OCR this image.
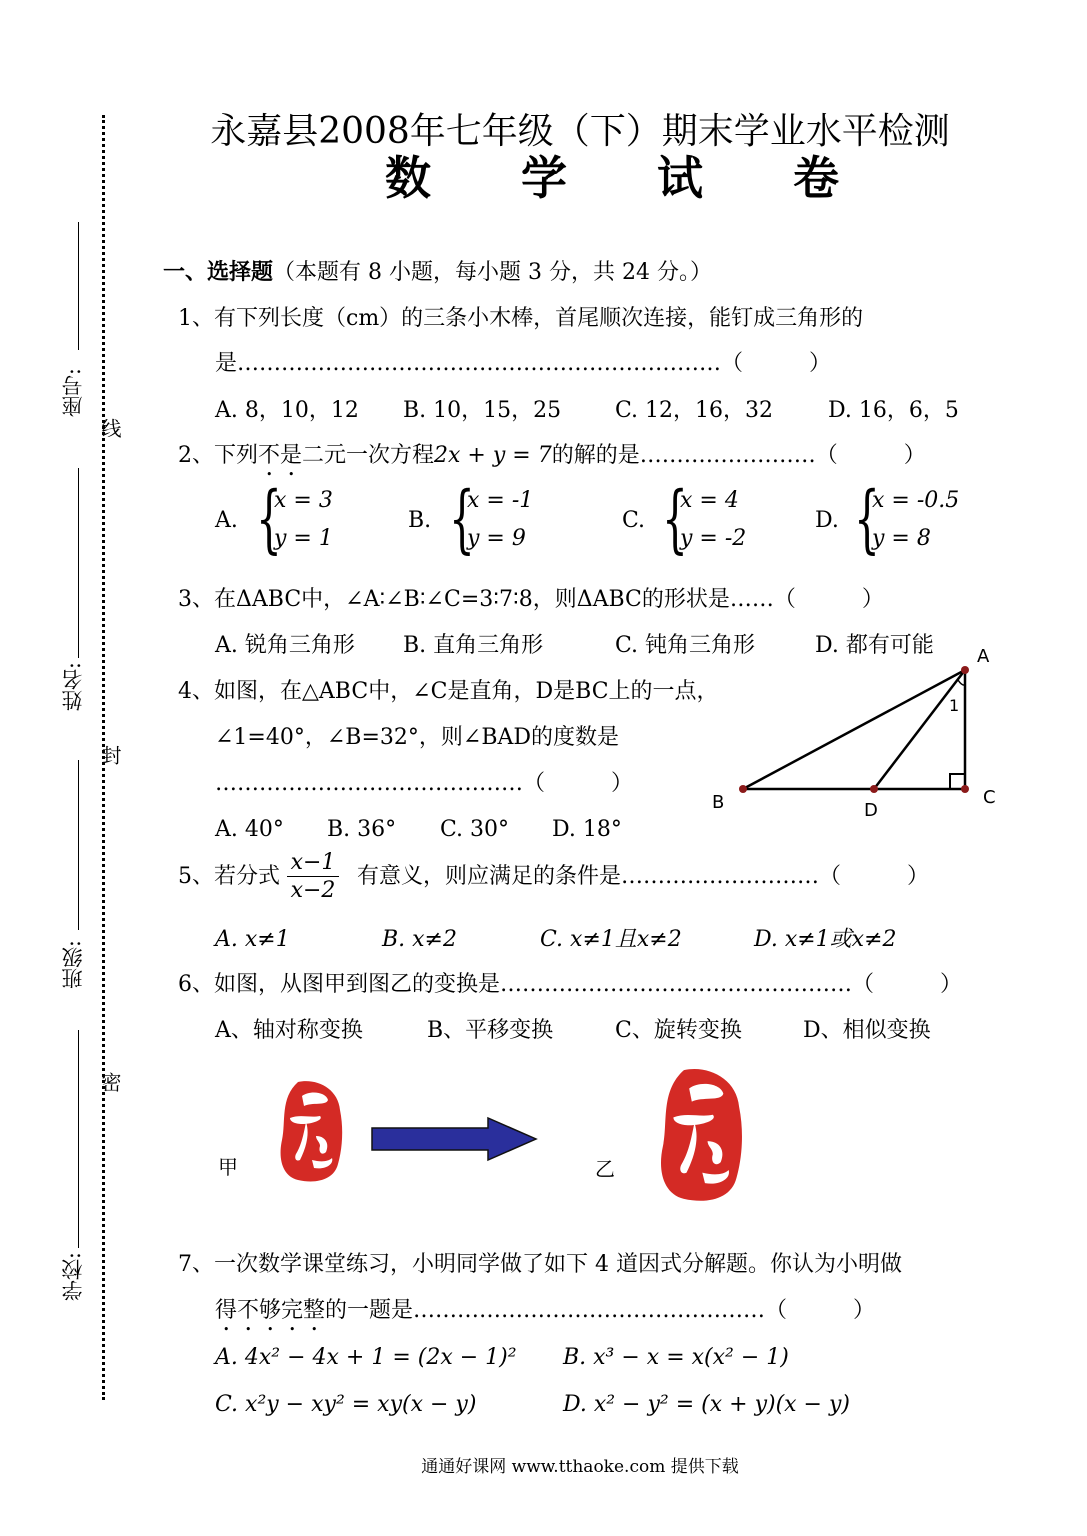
永嘉县2008年七年级（下）期末学业水平检测
数学试卷
线
封
密
座号:
姓名:
班级:
学校:
一、选择题（本题有 8 小题，每小题 3 分，共 24 分。）
1、有下列长度（cm）的三条小木棒，首尾顺次连接，能钉成三角形的
是…………………………………………………………（　　　）
A. 8，10，12 B. 10，15，25 C. 12，16，32 D. 16，6，5
2、下列不是二元一次方程2x + y = 7的解的是……………………（　　　）
A. {
x = 3
y = 1
B. {
x = -1
y = 9
C. {
x = 4
y = -2
D. {
x = -0.5
y = 8
3、在ΔABC中，∠A∶∠B∶∠C=3∶7∶8，则ΔABC的形状是……（　　　）
A. 锐角三角形 B. 直角三角形	C. 钝角三角形	D. 都有可能
4、如图，在△ABC中，∠C是直角，D是BC上的一点，
∠1=40°，∠B=32°，则∠BAD的度数是
……………………………………（　　　）
A. 40° B. 36° C. 30° D. 18°
A
B	D
C
1
5、若分式 $\frac{x-1}{x-2}$ 有意义，则应满足的条件是………………………（　　　）
A. x≠1	B. x≠2	C. x≠1且x≠2	D. x≠1或x≠2
6、如图，从图甲到图乙的变换是…………………………………………（　　　）
A、轴对称变换	B、平移变换	C、旋转变换	D、相似变换
甲	乙
7、一次数学课堂练习，小明同学做了如下 4 道因式分解题。你认为小明做
得不够完整的一题是…………………………………………（　　　）
A. 4x² − 4x + 1 = (2x − 1)² B. x³ − x = x(x² − 1)
C. x²y − xy² = xy(x − y)	D. x² − y² = (x + y)(x − y)
通通好课网 www.tthaoke.com 提供下载
